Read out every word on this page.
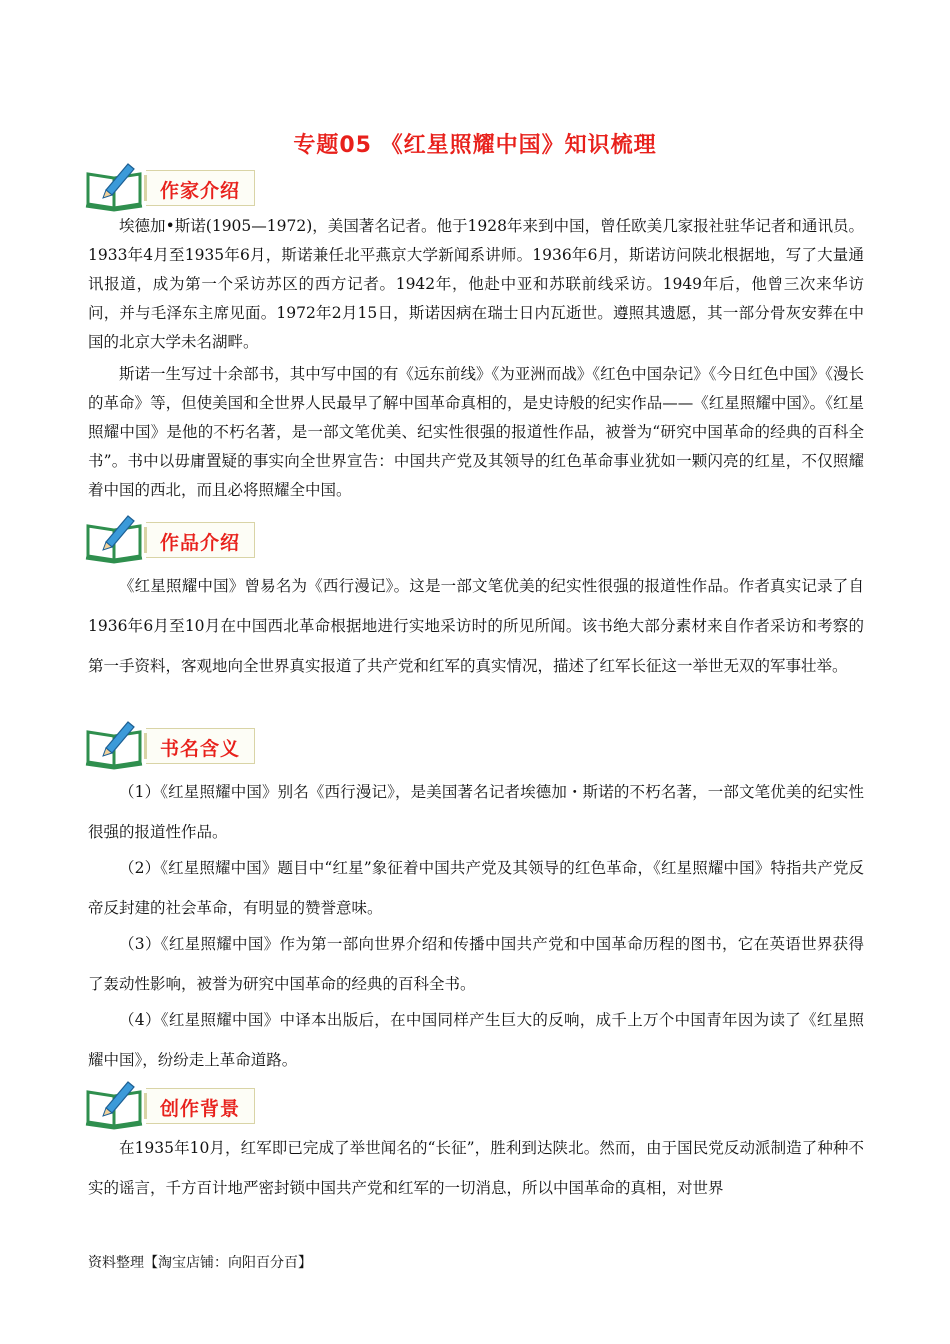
专题05 《红星照耀中国》知识梳理
作家介绍

埃德加•斯诺(1905—1972)，美国著名记者。他于1928年来到中国，曾任欧美几家报社驻华记者和通讯员。1933年4月至1935年6月，斯诺兼任北平燕京大学新闻系讲师。1936年6月，斯诺访问陕北根据地，写了大量通讯报道，成为第一个采访苏区的西方记者。1942年，他赴中亚和苏联前线采访。1949年后，他曾三次来华访问，并与毛泽东主席见面。1972年2月15日，斯诺因病在瑞士日内瓦逝世。遵照其遗愿，其一部分骨灰安葬在中国的北京大学未名湖畔。

斯诺一生写过十余部书，其中写中国的有《远东前线》《为亚洲而战》《红色中国杂记》《今日红色中国》《漫长的革命》等，但使美国和全世界人民最早了解中国革命真相的，是史诗般的纪实作品——《红星照耀中国》。《红星照耀中国》是他的不朽名著，是一部文笔优美、纪实性很强的报道性作品，被誉为“研究中国革命的经典的百科全书”。书中以毋庸置疑的事实向全世界宣告：中国共产党及其领导的红色革命事业犹如一颗闪亮的红星，不仅照耀着中国的西北，而且必将照耀全中国。

作品介绍

《红星照耀中国》曾易名为《西行漫记》。这是一部文笔优美的纪实性很强的报道性作品。作者真实记录了自1936年6月至10月在中国西北革命根据地进行实地采访时的所见所闻。该书绝大部分素材来自作者采访和考察的第一手资料，客观地向全世界真实报道了共产党和红军的真实情况，描述了红军长征这一举世无双的军事壮举。

书名含义

（1）《红星照耀中国》别名《西行漫记》，是美国著名记者埃德加・斯诺的不朽名著，一部文笔优美的纪实性很强的报道性作品。

（2）《红星照耀中国》题目中“红星”象征着中国共产党及其领导的红色革命，《红星照耀中国》特指共产党反帝反封建的社会革命，有明显的赞誉意味。

（3）《红星照耀中国》作为第一部向世界介绍和传播中国共产党和中国革命历程的图书，它在英语世界获得了轰动性影响，被誉为研究中国革命的经典的百科全书。

（4）《红星照耀中国》中译本出版后，在中国同样产生巨大的反响，成千上万个中国青年因为读了《红星照耀中国》，纷纷走上革命道路。

创作背景

在1935年10月，红军即已完成了举世闻名的“长征”，胜利到达陕北。然而，由于国民党反动派制造了种种不实的谣言，千方百计地严密封锁中国共产党和红军的一切消息，所以中国革命的真相，对世界

资料整理【淘宝店铺：向阳百分百】
